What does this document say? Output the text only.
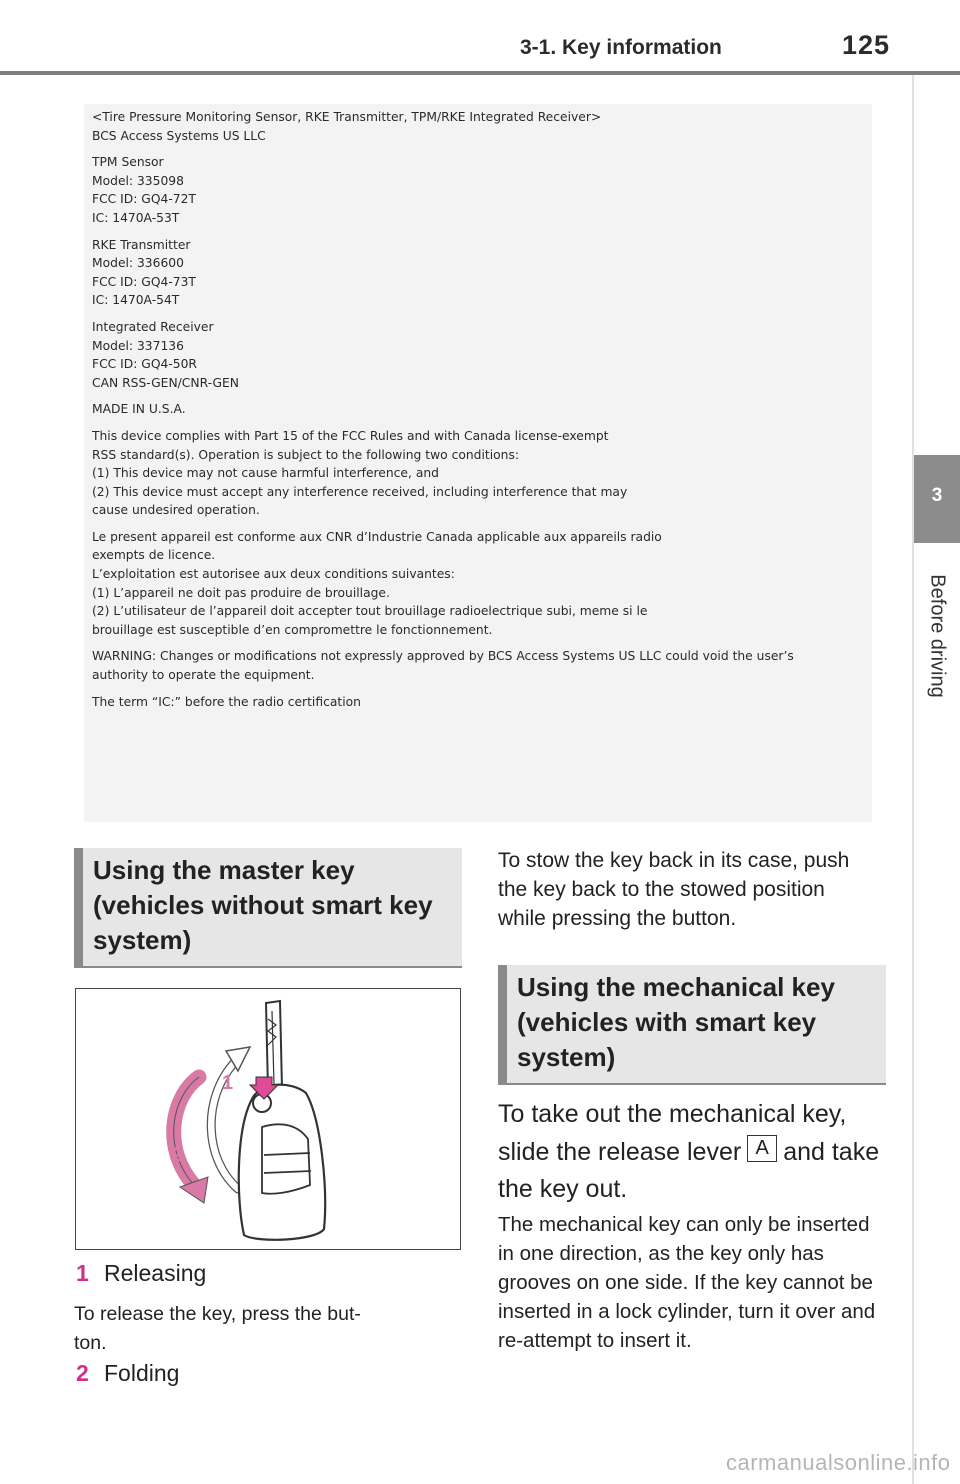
3-1. Key information	125
3
Before driving
<Tire Pressure Monitoring Sensor, RKE Transmitter, TPM/RKE Integrated Receiver>
BCS Access Systems US LLC
TPM Sensor
Model: 335098
FCC ID: GQ4-72T
IC: 1470A-53T
RKE Transmitter
Model: 336600
FCC ID: GQ4-73T
IC: 1470A-54T
Integrated Receiver
Model: 337136
FCC ID: GQ4-50R
CAN RSS-GEN/CNR-GEN
MADE IN U.S.A.
This device complies with Part 15 of the FCC Rules and with Canada license-exempt
RSS standard(s). Operation is subject to the following two conditions:
(1) This device may not cause harmful interference, and
(2) This device must accept any interference received, including interference that may
cause undesired operation.
Le present appareil est conforme aux CNR d’Industrie Canada applicable aux appareils radio
exempts de licence.
L’exploitation est autorisee aux deux conditions suivantes:
(1) L’appareil ne doit pas produire de brouillage.
(2) L’utilisateur de l’appareil doit accepter tout brouillage radioelectrique subi, meme si le
brouillage est susceptible d’en compromettre le fonctionnement.
WARNING: Changes or modifications not expressly approved by BCS Access Systems US LLC could void the user’s
authority to operate the equipment.
The term “IC:” before the radio certification
Using the master key (vehicles without smart key system)
1
2
1 Releasing
To release the key, press the but-
ton.
2 Folding
To stow the key back in its case, push the key back to the stowed position while pressing the button.
Using the mechanical key (vehicles with smart key system)
To take out the mechanical key, slide the release lever A and take the key out.
The mechanical key can only be inserted in one direction, as the key only has grooves on one side. If the key cannot be inserted in a lock cylinder, turn it over and re-attempt to insert it.
carmanualsonline.info
